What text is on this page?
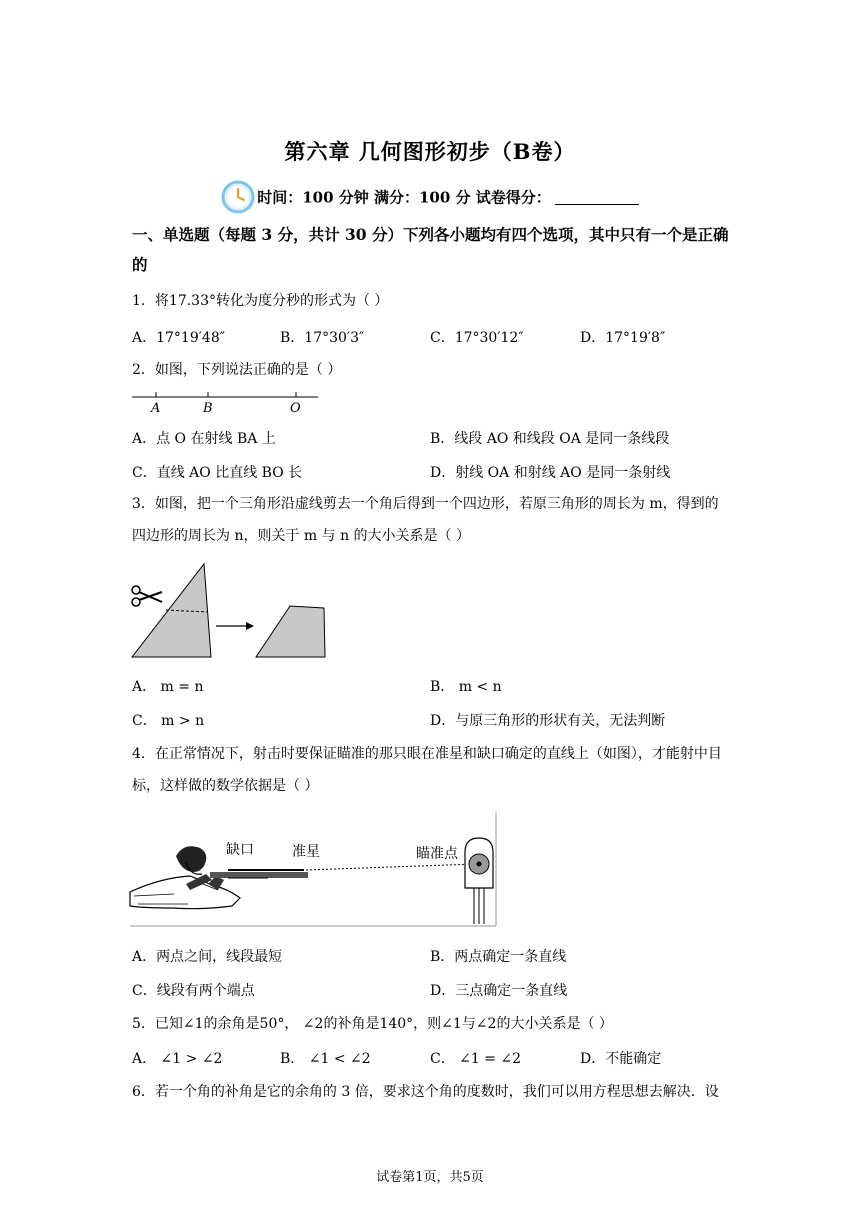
第六章 几何图形初步（B卷）
时间：100 分钟 满分：100 分 试卷得分：
一、单选题（每题 3 分，共计 30 分）下列各小题均有四个选项，其中只有一个是正确的
1．将17.33°转化为度分秒的形式为（ ）
A．17°19′48″	B．17°30′3″	C．17°30′12″	D．17°19′8″
2．如图，下列说法正确的是（ ）
A	B	O
A．点 O 在射线 BA 上	B．线段 AO 和线段 OA 是同一条线段
C．直线 AO 比直线 BO 长	D．射线 OA 和射线 AO 是同一条射线
3．如图，把一个三角形沿虚线剪去一个角后得到一个四边形，若原三角形的周长为 m，得到的四边形的周长为 n，则关于 m 与 n 的大小关系是（ ）
A． m = n	B． m < n
C． m > n	D．与原三角形的形状有关，无法判断
4．在正常情况下，射击时要保证瞄准的那只眼在准星和缺口确定的直线上（如图），才能射中目标，这样做的数学依据是（ ）
缺口	准星	瞄准点
A．两点之间，线段最短	B．两点确定一条直线
C．线段有两个端点	D．三点确定一条直线
5．已知∠1的余角是50°， ∠2的补角是140°，则∠1与∠2的大小关系是（ ）
A． ∠1 > ∠2	B． ∠1 < ∠2	C． ∠1 = ∠2	D．不能确定
6．若一个角的补角是它的余角的 3 倍，要求这个角的度数时，我们可以用方程思想去解决．设
试卷第1页，共5页
